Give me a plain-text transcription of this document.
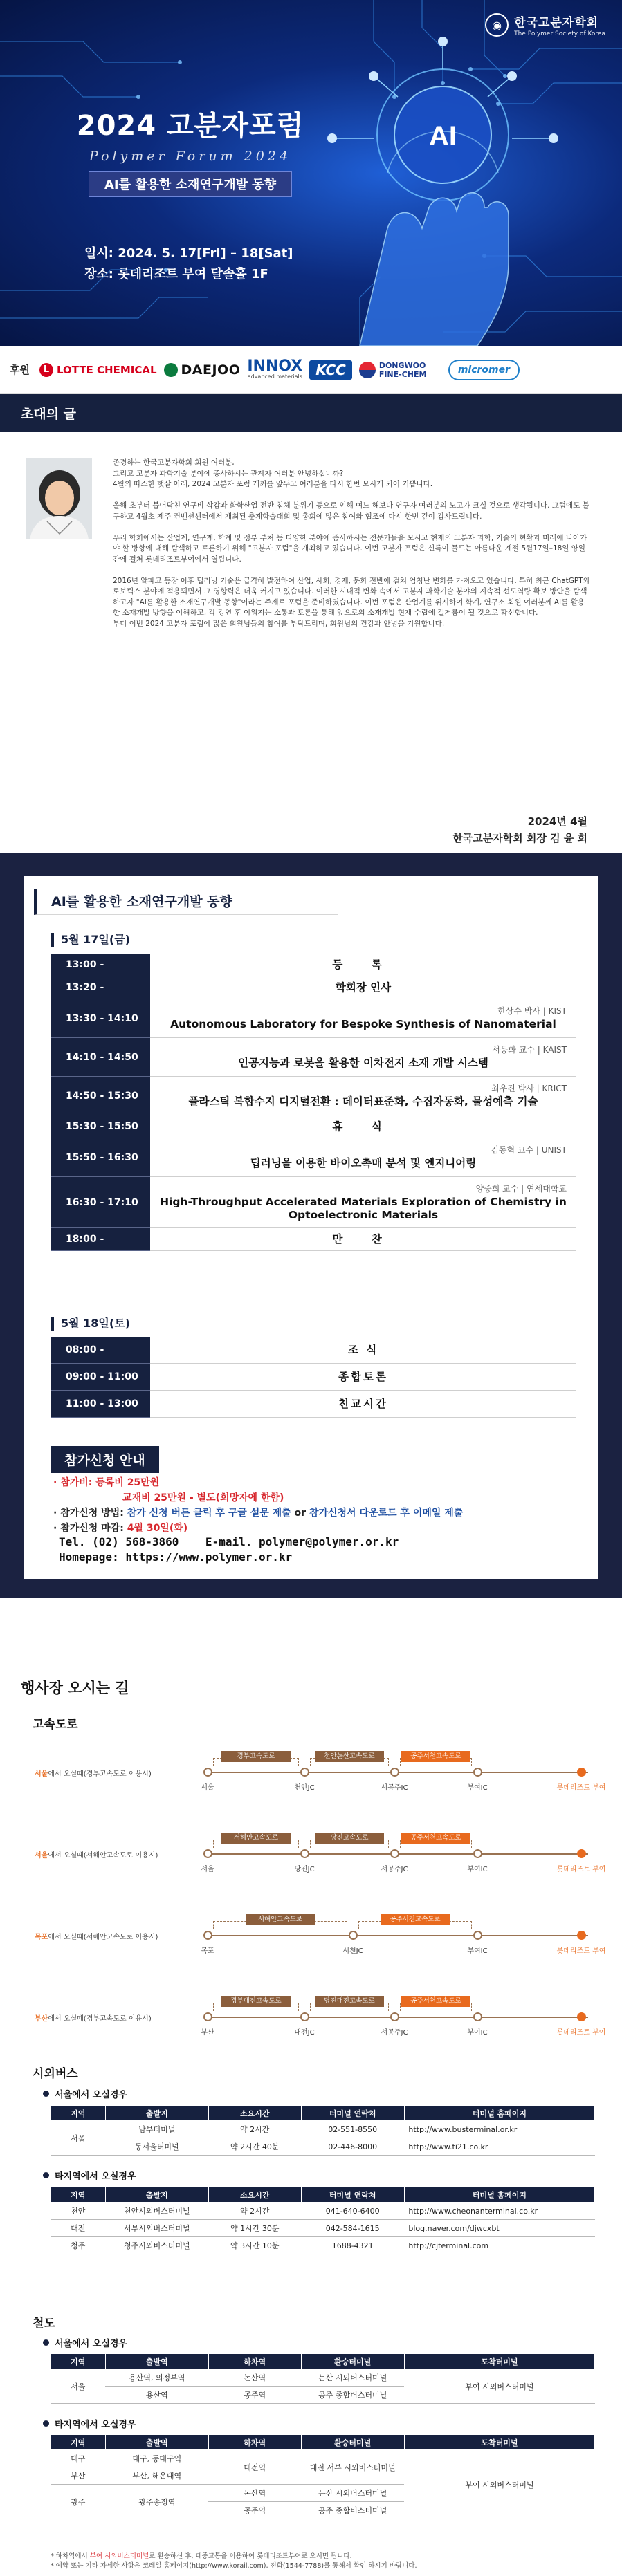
AI
◉	한국고분자학회
The Polymer Society of Korea
2024 고분자포럼
Polymer Forum 2024
AI를 활용한 소재연구개발 동향
일시: 2024. 5. 17[Fri] – 18[Sat]
장소: 롯데리조트 부여 달솔홀 1F
후원	L LOTTE CHEMICAL DAEJOO INNOX
advanced materials KCC	DONGWOO FINE-CHEM	micromer
초대의 글

존경하는 한국고분자학회 회원 여러분,
그리고 고분자 과학기술 분야에 종사하시는 관계자 여러분 안녕하십니까?
4월의 따스한 햇살 아래, 2024 고분자 포럼 개최를 앞두고 여러분을 다시 한번 모시게 되어 기쁩니다.

올해 초부터 불어닥친 연구비 삭감과 화학산업 전반 침체 분위기 등으로 인해 여느 해보다 연구자 여러분의 노고가 크실 것으로 생각됩니다. 그럼에도 불구하고 4월초 제주 컨벤션센터에서 개최된 춘계학술대회 및 총회에 많은 참여와 협조에 다시 한번 깊이 감사드립니다.

우리 학회에서는 산업계, 연구계, 학계 및 정부 부처 등 다양한 분야에 종사하시는 전문가들을 모시고 현재의 고분자 과학, 기술의 현황과 미래에 나아가야 할 방향에 대해 탐색하고 토론하기 위해 "고분자 포럼"을 개최하고 있습니다. 이번 고분자 포럼은 신록이 물드는 아름다운 계절 5월17일–18일 양일간에 걸쳐 롯데리조트부여에서 열립니다.

2016년 알파고 등장 이후 딥러닝 기술은 급격히 발전하여 산업, 사회, 경제, 문화 전반에 걸쳐 엄청난 변화를 가져오고 있습니다. 특히 최근 ChatGPT와 로보틱스 분야에 적용되면서 그 영향력은 더욱 커지고 있습니다. 이러한 시대적 변화 속에서 고분자 과학기술 분야의 지속적 선도역량 확보 방안을 탐색하고자 "AI를 활용한 소재연구개발 동향"이라는 주제로 포럼을 준비하였습니다. 이번 포럼은 산업계를 위시하여 학계, 연구소 회원 여러분께 AI를 활용한 소재개발 방향을 이해하고, 각 강연 후 이워지는 소통과 토론을 통해 앞으로의 소재개발 현재 수립에 길거름이 될 것으로 확신합니다.
부디 이번 2024 고분자 포럼에 많은 회원님들의 참여를 부탁드리며, 회원님의 건강과 안녕을 기원합니다.

2024년 4월
한국고분자학회 회장 김 윤 희
AI를 활용한 소재연구개발 동향
5월 17일(금)
13:00 -	등 록
13:20 -	학회장 인사
13:30 - 14:10
한상수 박사 | KIST
Autonomous Laboratory for Bespoke Synthesis of Nanomaterial
14:10 - 14:50
서동화 교수 | KAIST
인공지능과 로봇을 활용한 이차전지 소재 개발 시스템
14:50 - 15:30
최우진 박사 | KRICT
플라스틱 복합수지 디지털전환 : 데이터표준화, 수집자동화, 물성예측 기술
15:30 - 15:50	휴 식
15:50 - 16:30
김동혁 교수 | UNIST
딥러닝을 이용한 바이오촉매 분석 및 엔지니어링
16:30 - 17:10
양증희 교수 | 연세대학교
High-Throughput Accelerated Materials Exploration of Chemistry in Optoelectronic Materials
18:00 -	만 찬
5월 18일(토)
08:00 -	조 식
09:00 - 11:00	종합토론
11:00 - 13:00	친교시간
참가신청 안내
· 참가비: 등록비 25만원
교재비 25만원 - 별도(희망자에 한함)
· 참가신청 방법: 참가 신청 버튼 클릭 후 구글 설문 제출 or 참가신청서 다운로드 후 이메일 제출
· 참가신청 마감: 4월 30일(화)
Tel. (02) 568-3860    E-mail. polymer@polymer.or.kr
Homepage: https://www.polymer.or.kr
행사장 오시는 길
고속도로
서울에서 오실때(경부고속도로 이용시)
서울	천안JC	서공주IC	부여IC	롯데리조트 부여
경부고속도로	천안논산고속도로	공주서천고속도로
서울에서 오실때(서해안고속도로 이용시)
서울	당진JC	서공주JC	부여IC	롯데리조트 부여
서해안고속도로	당진고속도로	공주서천고속도로
목포에서 오실때(서해안고속도로 이용시)
목포	서천JC	부여IC	롯데리조트 부여
서해안고속도로	공주서천고속도로
부산에서 오실때(경부고속도로 이용시)
부산	대전JC	서공주JC	부여IC	롯데리조트 부여
경부대전고속도로	당진대전고속도로	공주서천고속도로
시외버스
서울에서 오실경우
지역	출발지	소요시간	터미널 연락처	터미널 홈페이지
서울	남부터미널	약 2시간	02-551-8550	http://www.busterminal.or.kr
	동서울터미널	약 2시간 40분	02-446-8000	http://www.ti21.co.kr
타지역에서 오실경우
지역	출발지	소요시간	터미널 연락처	터미널 홈페이지
천안	천안시외버스터미널	약 2시간	041-640-6400	http://www.cheonanterminal.co.kr
대전	서부시외버스터미널	약 1시간 30분	042-584-1615	blog.naver.com/djwcxbt
청주	청주시외버스터미널	약 3시간 10분	1688-4321	http://cjterminal.com
철도
서울에서 오실경우
지역	출발역	하차역	환승터미널	도착터미널
서울	용산역, 의정부역	논산역	논산 시외버스터미널	부여 시외버스터미널
	용산역	공주역	공주 종합버스터미널	
타지역에서 오실경우
지역	출발역	하차역	환승터미널	도착터미널
대구	대구, 동대구역	대전역	대전 서부 시외버스터미널	부여 시외버스터미널
부산	부산, 해운대역			
광주	광주송정역	논산역	논산 시외버스터미널	
		공주역	공주 종합버스터미널	
* 하차역에서 부여 시외버스터미널로 환승하신 후, 대중교통을 이용하여 롯데리조트부여로 오시면 됩니다.
* 예약 또는 기타 자세한 사항은 코레일 홈페이지(http://www.korail.com), 전화(1544-7788)를 통해서 확인 하시기 바랍니다.
